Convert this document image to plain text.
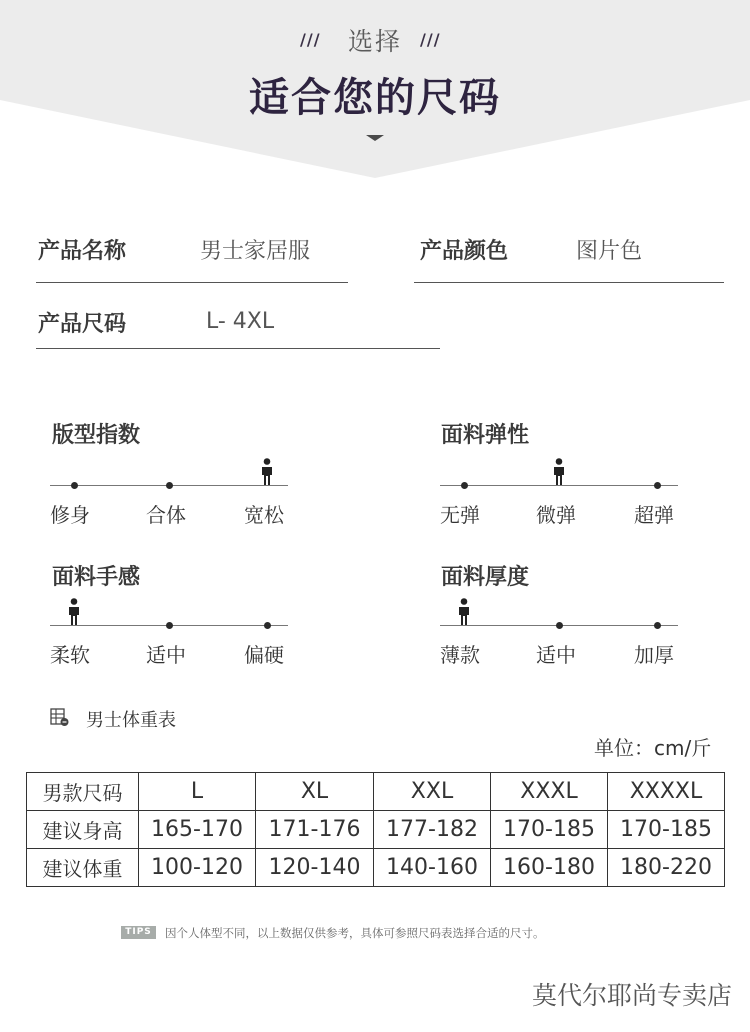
///	选择	///
适合您的尺码
产品名称	男士家居服	产品颜色	图片色
产品尺码	L- 4XL
版型指数
修身	合体	宽松
面料弹性
无弹	微弹	超弹
面料手感
柔软	适中	偏硬
面料厚度
薄款	适中	加厚
男士体重表
单位：cm/斤
男款尺码	L	XL	XXL	XXXL	XXXXL
建议身高	165-170	171-176	177-182	170-185	170-185
建议体重	100-120	120-140	140-160	160-180	180-220
TIPS	因个人体型不同，以上数据仅供参考，具体可参照尺码表选择合适的尺寸。
莫代尔耶尚专卖店
